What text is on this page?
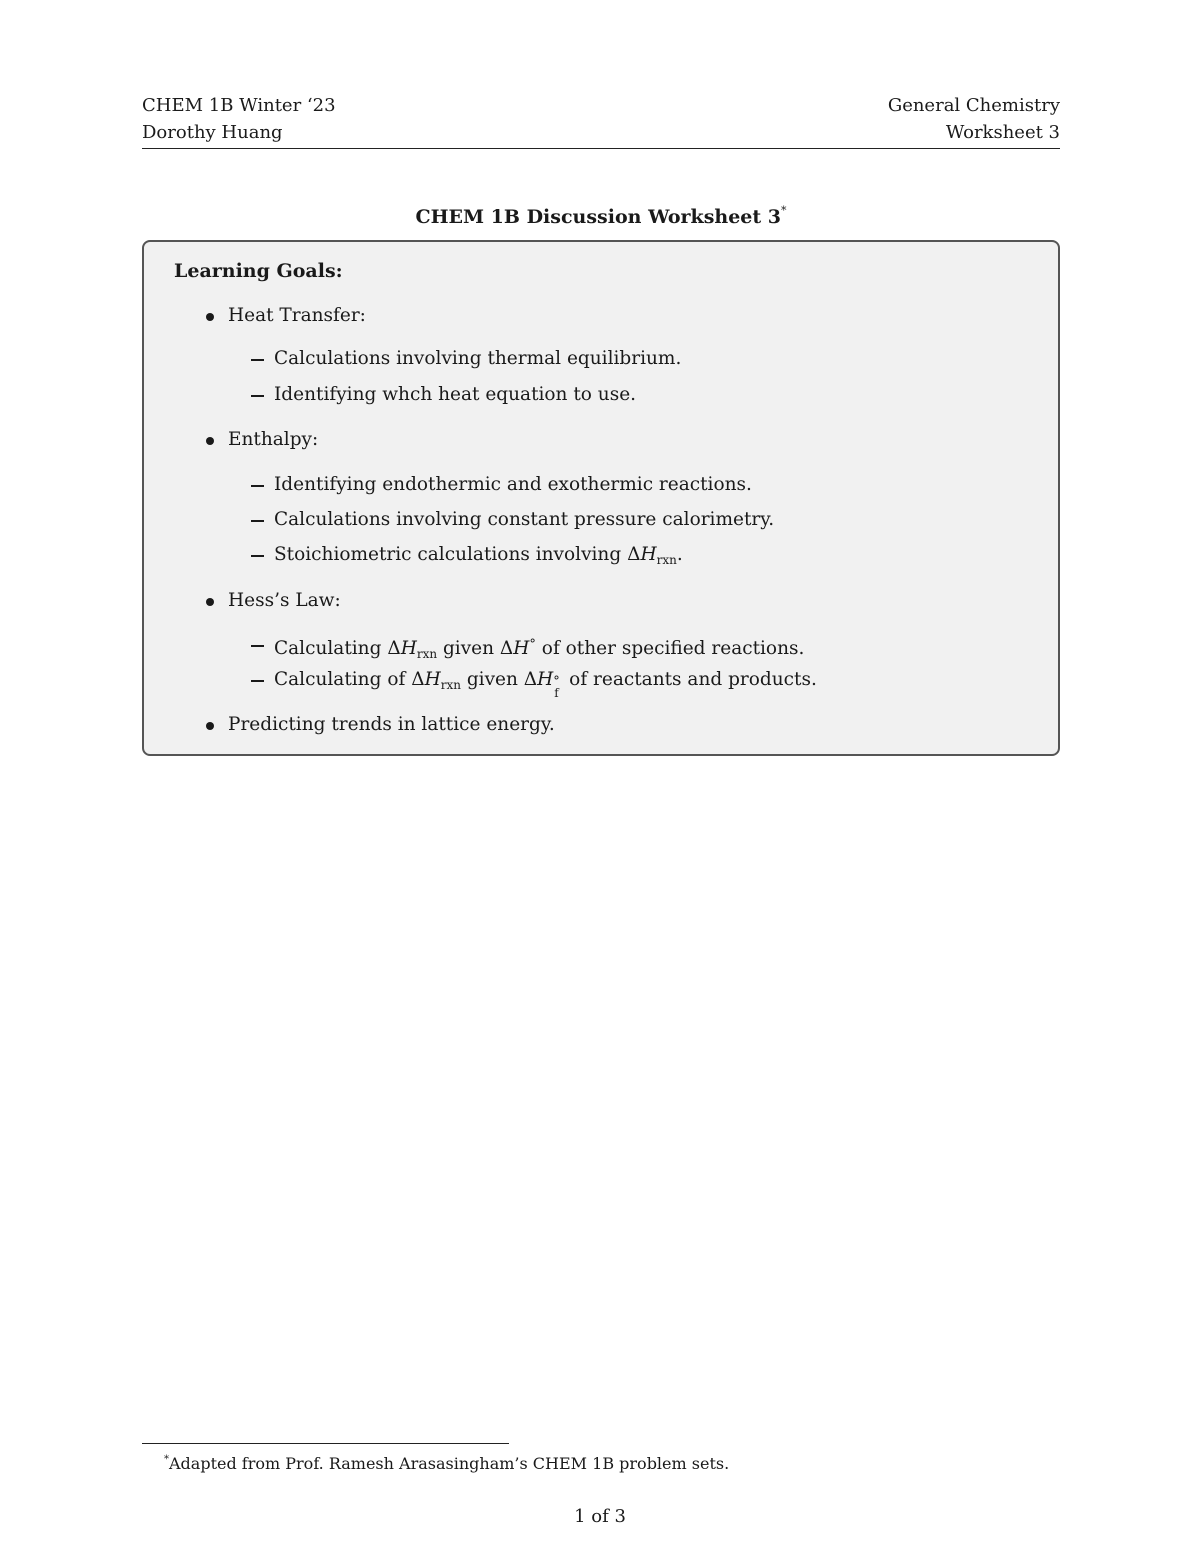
CHEM 1B Winter ‘23
Dorothy Huang
General Chemistry
Worksheet 3
CHEM 1B Discussion Worksheet 3*
Learning Goals:
Heat Transfer:
Calculations involving thermal equilibrium.
Identifying whch heat equation to use.
Enthalpy:
Identifying endothermic and exothermic reactions.
Calculations involving constant pressure calorimetry.
Stoichiometric calculations involving $\Delta H_{rxn}$.
Hess’s Law:
Calculating $\Delta H_{rxn}$ given ΔH° of other specified reactions.
Calculating of $\Delta H_{rxn}$ given ΔH °
f
of reactants and products.
Predicting trends in lattice energy.
*Adapted from Prof. Ramesh Arasasingham’s CHEM 1B problem sets.
1 of 3
